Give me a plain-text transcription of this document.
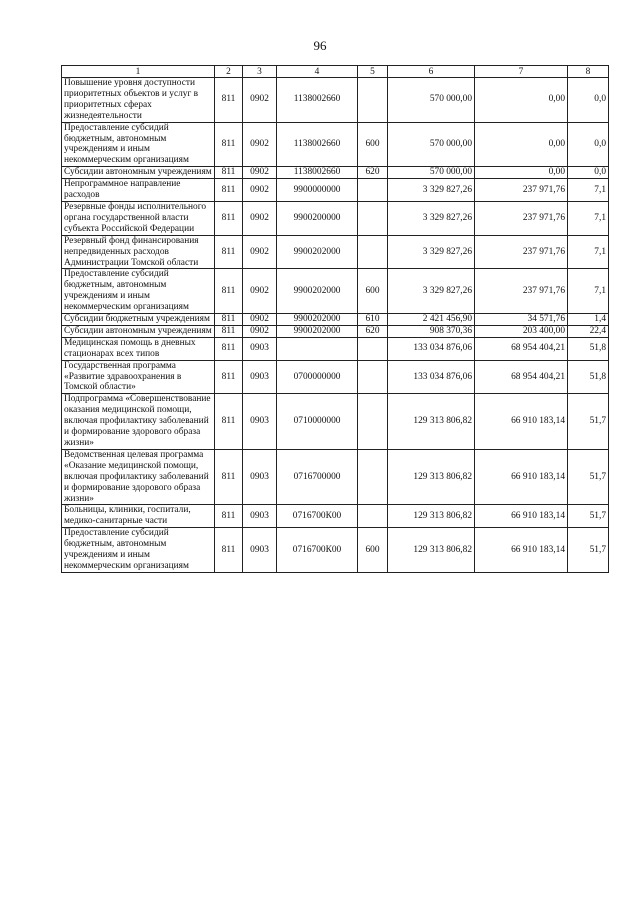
96
1	2	3	4	5	6	7	8
Повышение уровня доступности приоритетных объектов и услуг в приоритетных сферах жизнедеятельности	811	0902	1138002660		570 000,00	0,00	0,0
Предоставление субсидий бюджетным, автономным учреждениям и иным некоммерческим организациям	811	0902	1138002660	600	570 000,00	0,00	0,0
Субсидии автономным учреждениям	811	0902	1138002660	620	570 000,00	0,00	0,0
Непрограммное направление расходов	811	0902	9900000000		3 329 827,26	237 971,76	7,1
Резервные фонды исполнительного органа государственной власти субъекта Российской Федерации	811	0902	9900200000		3 329 827,26	237 971,76	7,1
Резервный фонд финансирования непредвиденных расходов Администрации Томской области	811	0902	9900202000		3 329 827,26	237 971,76	7,1
Предоставление субсидий бюджетным, автономным учреждениям и иным некоммерческим организациям	811	0902	9900202000	600	3 329 827,26	237 971,76	7,1
Субсидии бюджетным учреждениям	811	0902	9900202000	610	2 421 456,90	34 571,76	1,4
Субсидии автономным учреждениям	811	0902	9900202000	620	908 370,36	203 400,00	22,4
Медицинская помощь в дневных стационарах всех типов	811	0903			133 034 876,06	68 954 404,21	51,8
Государственная программа «Развитие здравоохранения в Томской области»	811	0903	0700000000		133 034 876,06	68 954 404,21	51,8
Подпрограмма «Совершенствование оказания медицинской помощи, включая профилактику заболеваний и формирование здорового образа жизни»	811	0903	0710000000		129 313 806,82	66 910 183,14	51,7
Ведомственная целевая программа «Оказание медицинской помощи, включая профилактику заболеваний и формирование здорового образа жизни»	811	0903	0716700000		129 313 806,82	66 910 183,14	51,7
Больницы, клиники, госпитали, медико-санитарные части	811	0903	0716700К00		129 313 806,82	66 910 183,14	51,7
Предоставление субсидий бюджетным, автономным учреждениям и иным некоммерческим организациям	811	0903	0716700К00	600	129 313 806,82	66 910 183,14	51,7
